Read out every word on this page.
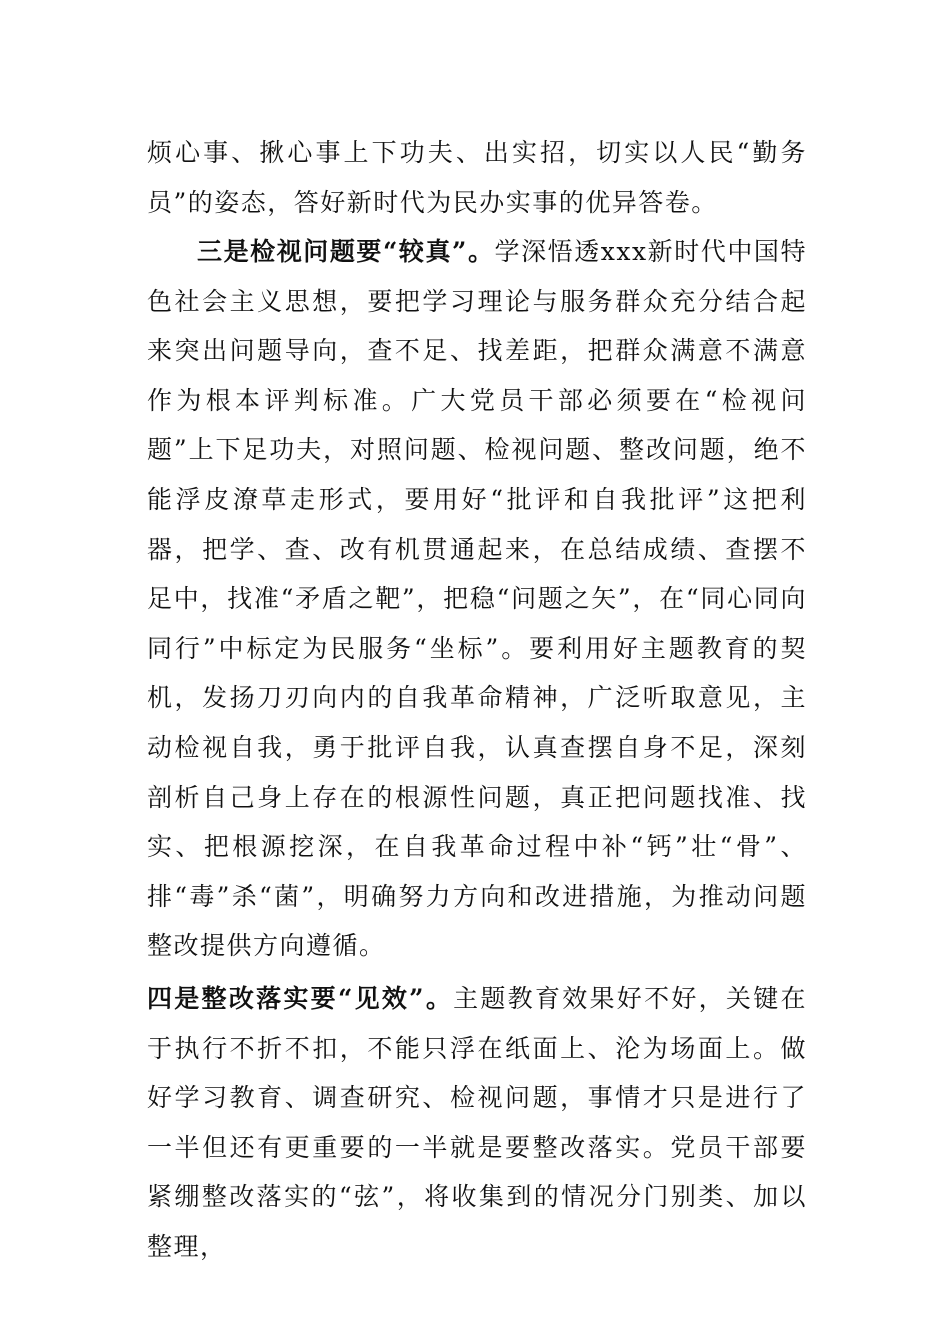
烦心事、揪心事上下功夫、出实招，切实以人民“勤务员”的姿态，答好新时代为民办实事的优异答卷。

三是检视问题要“较真”。学深悟透xxx新时代中国特色社会主义思想，要把学习理论与服务群众充分结合起来突出问题导向，查不足、找差距，把群众满意不满意作为根本评判标准。广大党员干部必须要在“检视问题”上下足功夫，对照问题、检视问题、整改问题，绝不能浮皮潦草走形式，要用好“批评和自我批评”这把利器，把学、查、改有机贯通起来，在总结成绩、查摆不足中，找准“矛盾之靶”，把稳“问题之矢”，在“同心同向同行”中标定为民服务“坐标”。要利用好主题教育的契机，发扬刀刃向内的自我革命精神，广泛听取意见，主动检视自我，勇于批评自我，认真查摆自身不足，深刻剖析自己身上存在的根源性问题，真正把问题找准、找实、把根源挖深，在自我革命过程中补“钙”壮“骨”、排“毒”杀“菌”，明确努力方向和改进措施，为推动问题整改提供方向遵循。

四是整改落实要“见效”。主题教育效果好不好，关键在于执行不折不扣，不能只浮在纸面上、沦为场面上。做好学习教育、调查研究、检视问题，事情才只是进行了一半但还有更重要的一半就是要整改落实。党员干部要紧绷整改落实的“弦”，将收集到的情况分门别类、加以整理，
